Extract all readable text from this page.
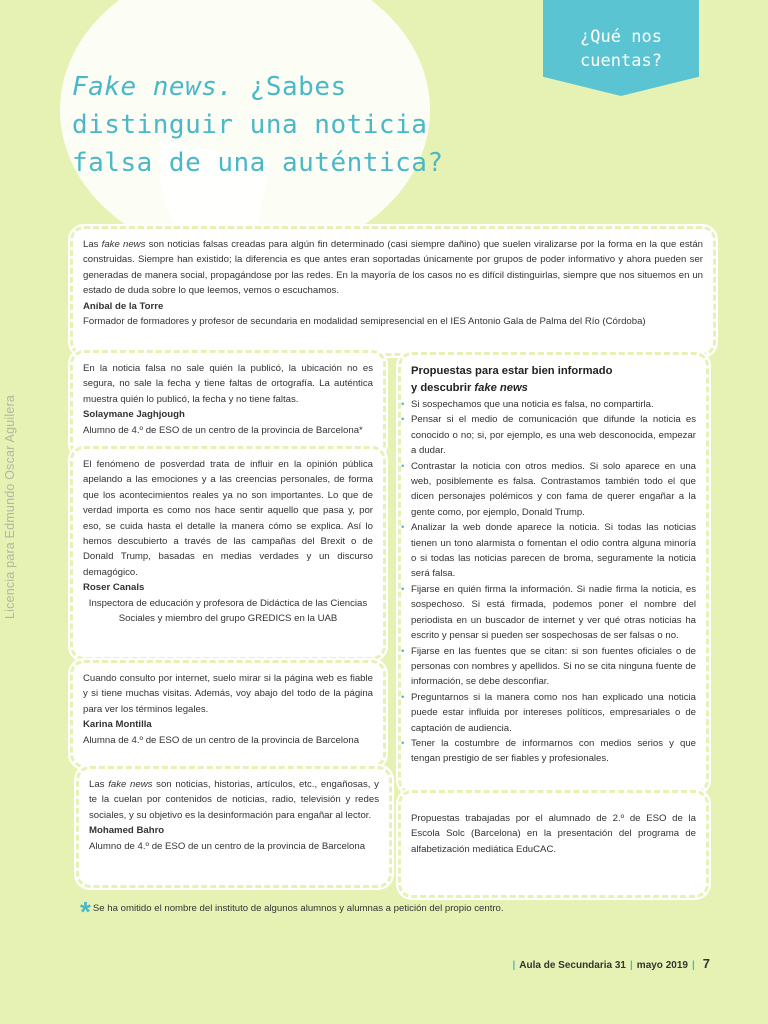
¿Qué nos
cuentas?
Fake news. ¿Sabes
distinguir una noticia
falsa de una auténtica?
Licencia para Edmundo Oscar Aguilera

Las fake news son noticias falsas creadas para algún fin determinado (casi siempre dañino) que suelen viralizarse por la forma en la que están construidas. Siempre han existido; la diferencia es que antes eran soportadas únicamente por grupos de poder informativo y ahora pueden ser generadas de manera social, propagándose por las redes. En la mayoría de los casos no es difícil distinguirlas, siempre que nos situemos en un estado de duda sobre lo que leemos, vemos o escuchamos.

Aníbal de la Torre

Formador de formadores y profesor de secundaria en modalidad semipresencial en el IES Antonio Gala de Palma del Río (Córdoba)

En la noticia falsa no sale quién la publicó, la ubicación no es segura, no sale la fecha y tiene faltas de ortografía. La auténtica muestra quién lo publicó, la fecha y no tiene faltas.

Solaymane Jaghjough

Alumno de 4.º de ESO de un centro de la provincia de Barcelona*

El fenómeno de posverdad trata de influir en la opinión pública apelando a las emociones y a las creencias personales, de forma que los acontecimientos reales ya no son importantes. Lo que de verdad importa es como nos hace sentir aquello que pasa y, por eso, se cuida hasta el detalle la manera cómo se explica. Así lo hemos descubierto a través de las campañas del Brexit o de Donald Trump, basadas en medias verdades y un discurso demagógico.

Roser Canals

Inspectora de educación y profesora de Didáctica de las Ciencias Sociales y miembro del grupo GREDICS en la UAB

Cuando consulto por internet, suelo mirar si la página web es fiable y si tiene muchas visitas. Además, voy abajo del todo de la página para ver los términos legales.

Karina Montilla

Alumna de 4.º de ESO de un centro de la provincia de Barcelona

Las fake news son noticias, historias, artículos, etc., engañosas, y te la cuelan por contenidos de noticias, radio, televisión y redes sociales, y su objetivo es la desinformación para engañar al lector.

Mohamed Bahro

Alumno de 4.º de ESO de un centro de la provincia de Barcelona

Propuestas para estar bien informado
y descubrir fake news

• Si sospechamos que una noticia es falsa, no compartirla.
• Pensar si el medio de comunicación que difunde la noticia es conocido o no; si, por ejemplo, es una web desconocida, empezar a dudar.
• Contrastar la noticia con otros medios. Si solo aparece en una web, posiblemente es falsa. Contrastamos también todo el que dicen personajes polémicos y con fama de querer engañar a la gente como, por ejemplo, Donald Trump.
• Analizar la web donde aparece la noticia. Si todas las noticias tienen un tono alarmista o fomentan el odio contra alguna minoría o si todas las noticias parecen de broma, seguramente la noticia será falsa.
• Fijarse en quién firma la información. Si nadie firma la noticia, es sospechoso. Si está firmada, podemos poner el nombre del periodista en un buscador de internet y ver qué otras noticias ha escrito y pensar si pueden ser sospechosas de ser falsas o no.
• Fijarse en las fuentes que se citan: si son fuentes oficiales o de personas con nombres y apellidos. Si no se cita ninguna fuente de información, se debe desconfiar.
• Preguntarnos si la manera como nos han explicado una noticia puede estar influida por intereses políticos, empresariales o de captación de audiencia.
• Tener la costumbre de informarnos con medios serios y que tengan prestigio de ser fiables y profesionales.

Propuestas trabajadas por el alumnado de 2.º de ESO de la Escola Solc (Barcelona) en la presentación del programa de alfabetización mediática EduCAC.

* Se ha omitido el nombre del instituto de algunos alumnos y alumnas a petición del propio centro.
| Aula de Secundaria 31 | mayo 2019 | 7
